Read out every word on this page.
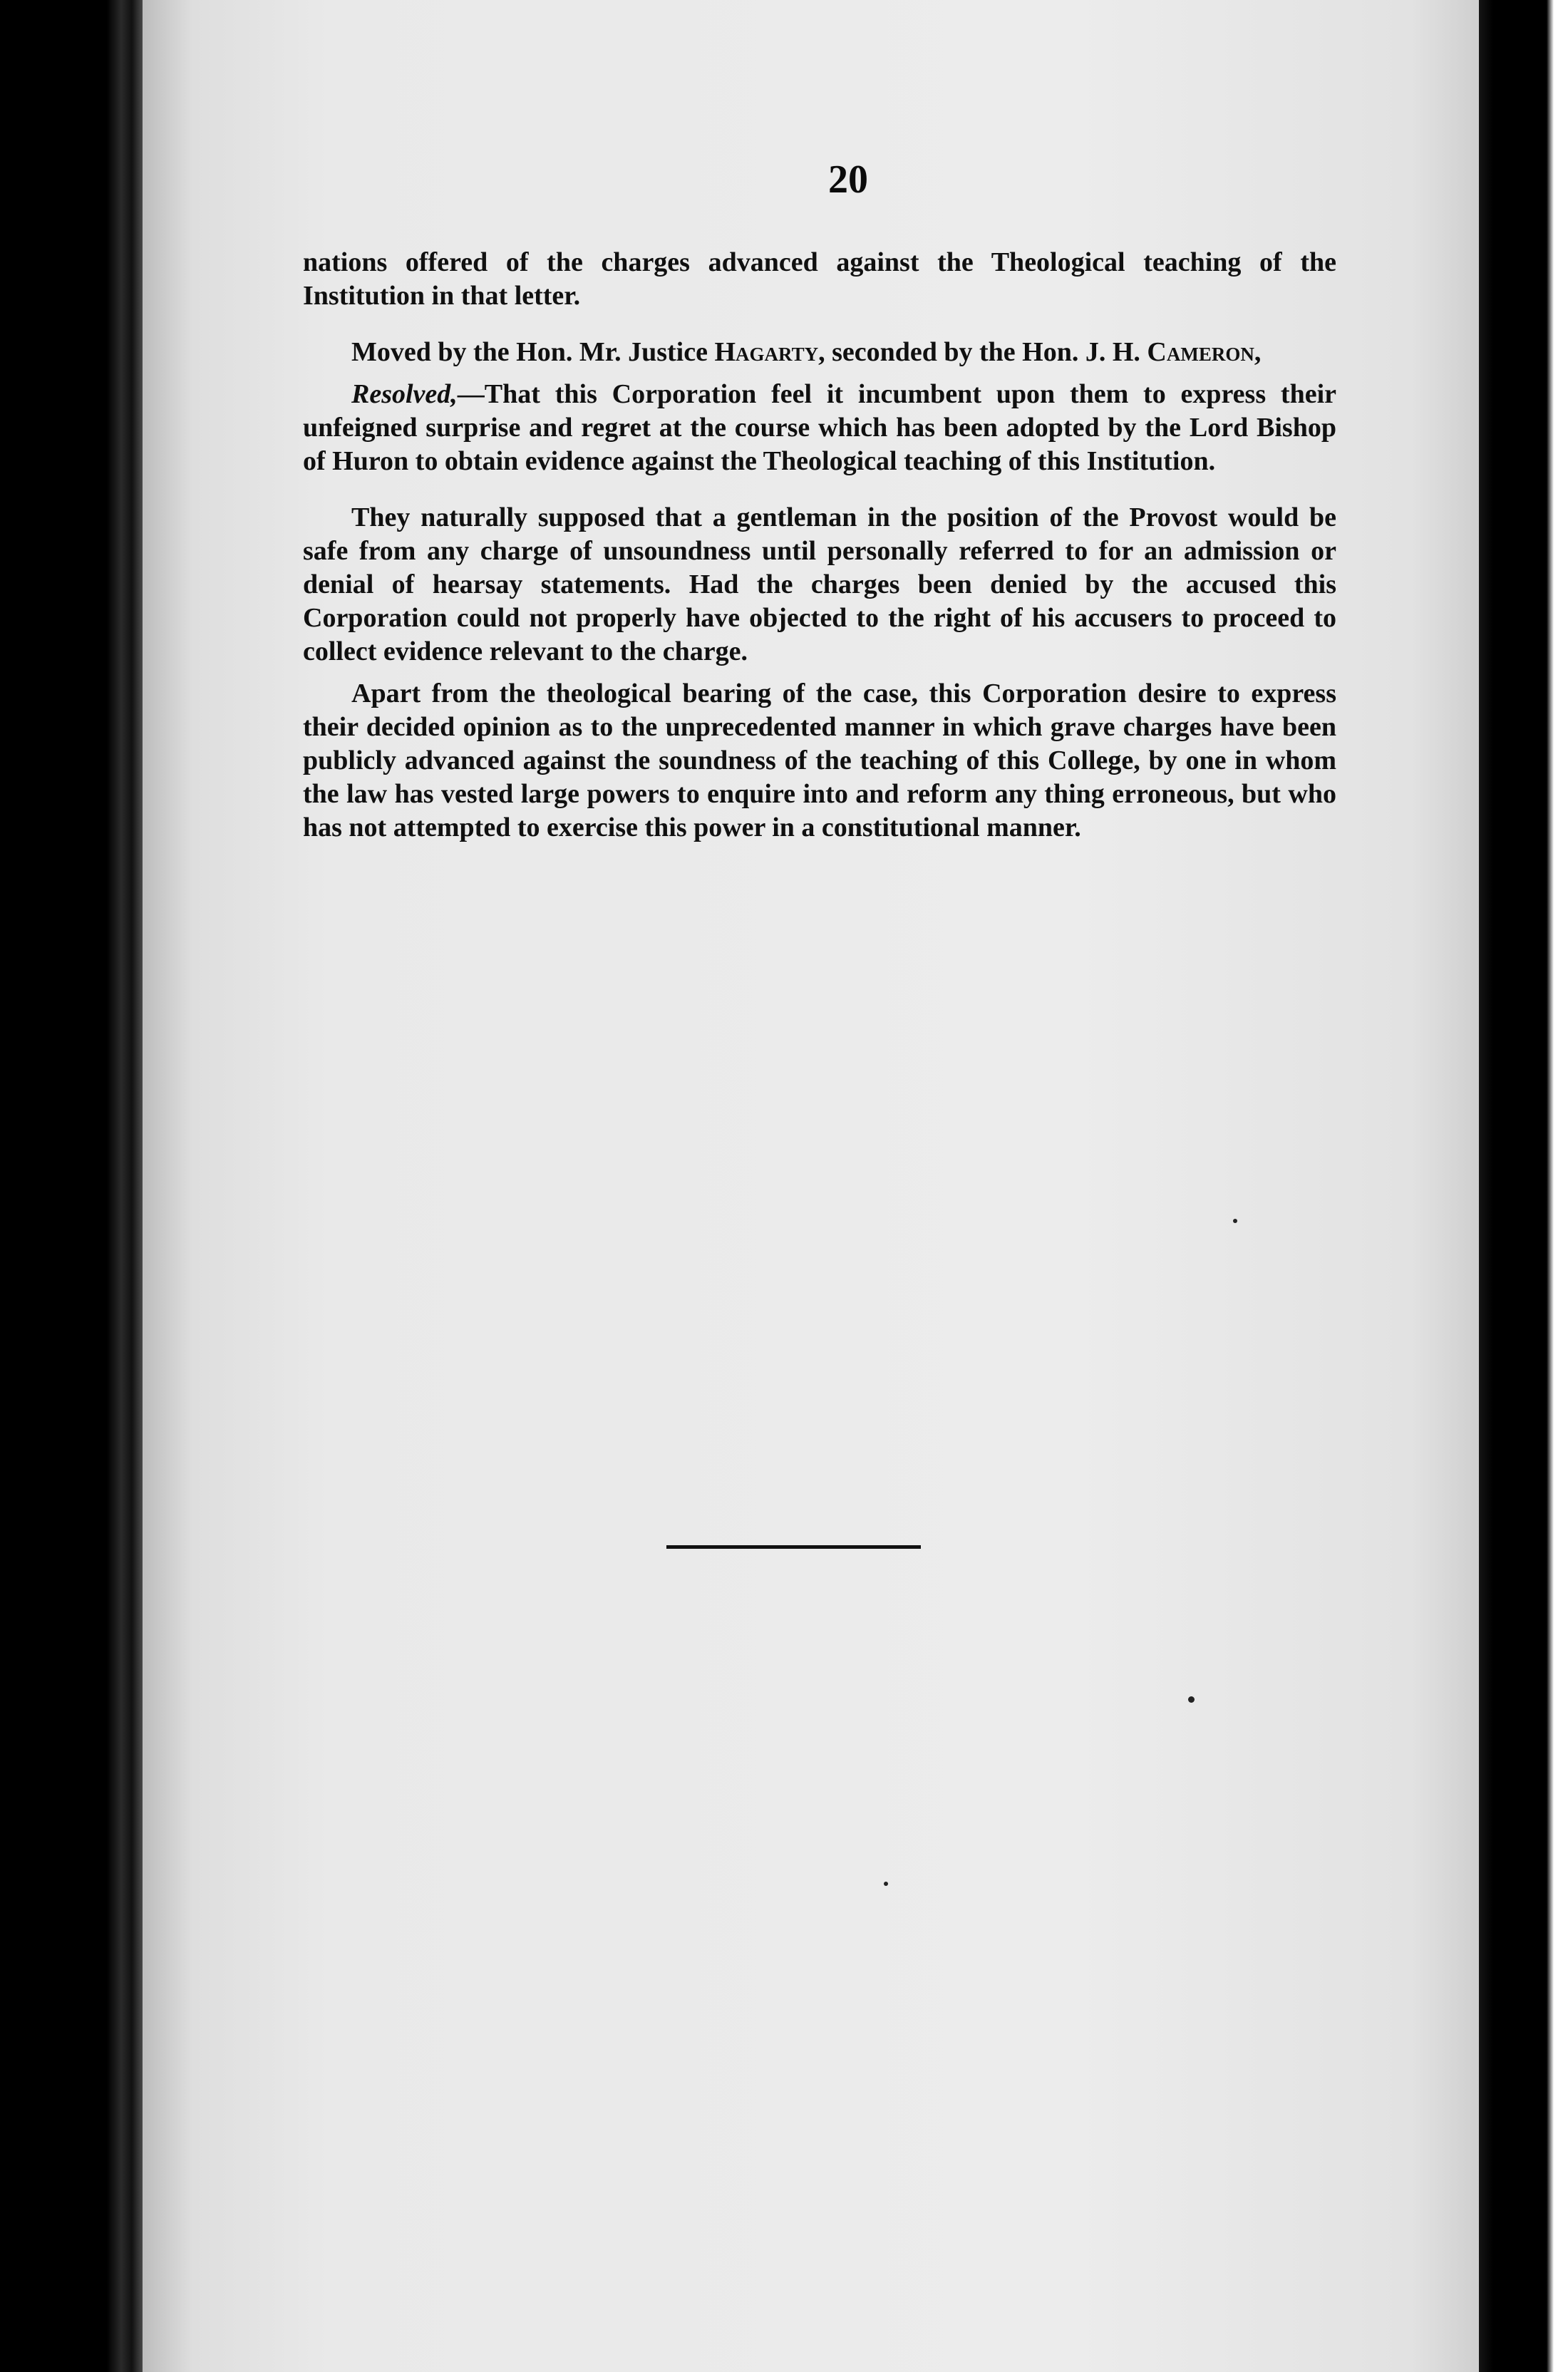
20

nations offered of the charges advanced against the Theological teaching of the Institution in that letter.

Moved by the Hon. Mr. Justice Hagarty, seconded by the Hon. J. H. Cameron,

Resolved,—That this Corporation feel it incumbent upon them to express their unfeigned surprise and regret at the course which has been adopted by the Lord Bishop of Huron to obtain evidence against the Theological teaching of this Institution.

They naturally supposed that a gentleman in the position of the Provost would be safe from any charge of unsoundness until personally referred to for an admission or denial of hearsay statements. Had the charges been denied by the accused this Corporation could not properly have objected to the right of his accusers to proceed to collect evidence relevant to the charge.

Apart from the theological bearing of the case, this Corporation desire to express their decided opinion as to the unprecedented manner in which grave charges have been publicly advanced against the soundness of the teaching of this College, by one in whom the law has vested large powers to enquire into and reform any thing erroneous, but who has not attempted to exercise this power in a constitutional manner.
